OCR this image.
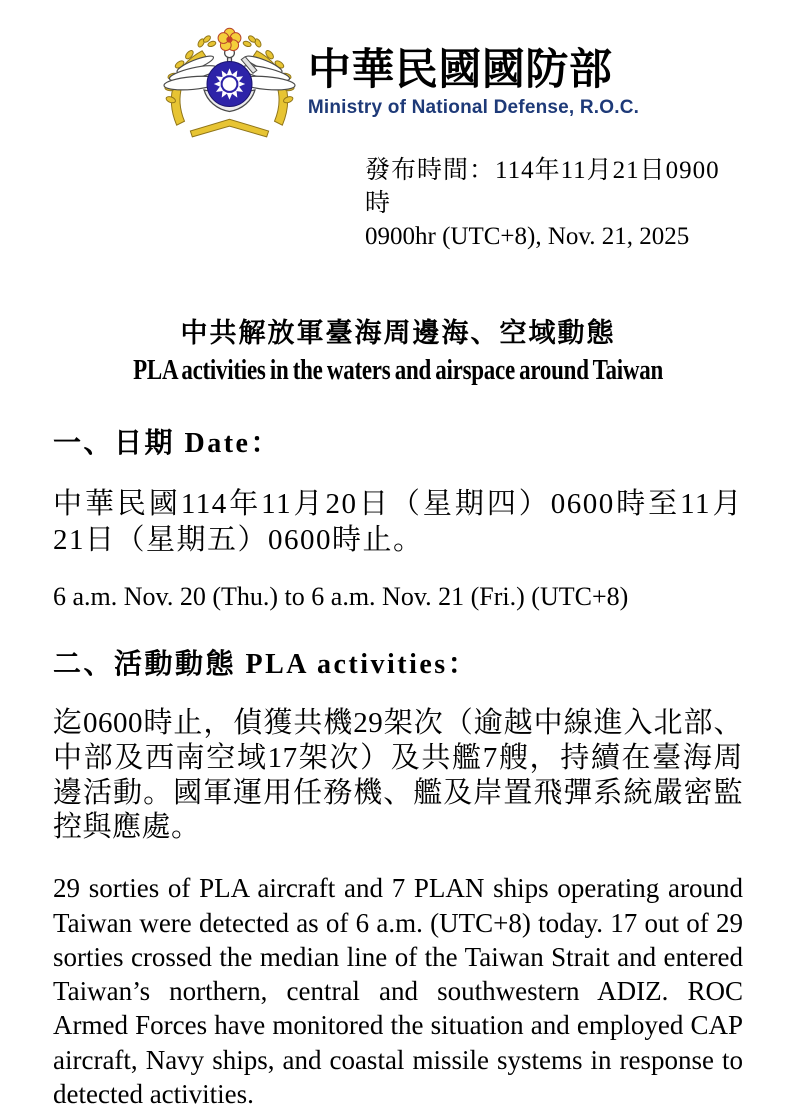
中華民國國防部
Ministry of National Defense, R.O.C.
發布時間：114年11月21日0900時
0900hr (UTC+8), Nov. 21, 2025
中共解放軍臺海周邊海、空域動態
PLA activities in the waters and airspace around Taiwan
一、日期 Date：
中華民國114年11月20日（星期四）0600時至11月21日（星期五）0600時止。
6 a.m. Nov. 20 (Thu.) to 6 a.m. Nov. 21 (Fri.) (UTC+8)
二、活動動態 PLA activities：
迄0600時止，偵獲共機29架次（逾越中線進入北部、中部及西南空域17架次）及共艦7艘，持續在臺海周邊活動。國軍運用任務機、艦及岸置飛彈系統嚴密監控與應處。
29 sorties of PLA aircraft and 7 PLAN ships operating around Taiwan were detected as of 6 a.m. (UTC+8) today. 17 out of 29 sorties crossed the median line of the Taiwan Strait and entered Taiwan’s northern, central and southwestern ADIZ. ROC Armed Forces have monitored the situation and employed CAP aircraft, Navy ships, and coastal missile systems in response to detected activities.
